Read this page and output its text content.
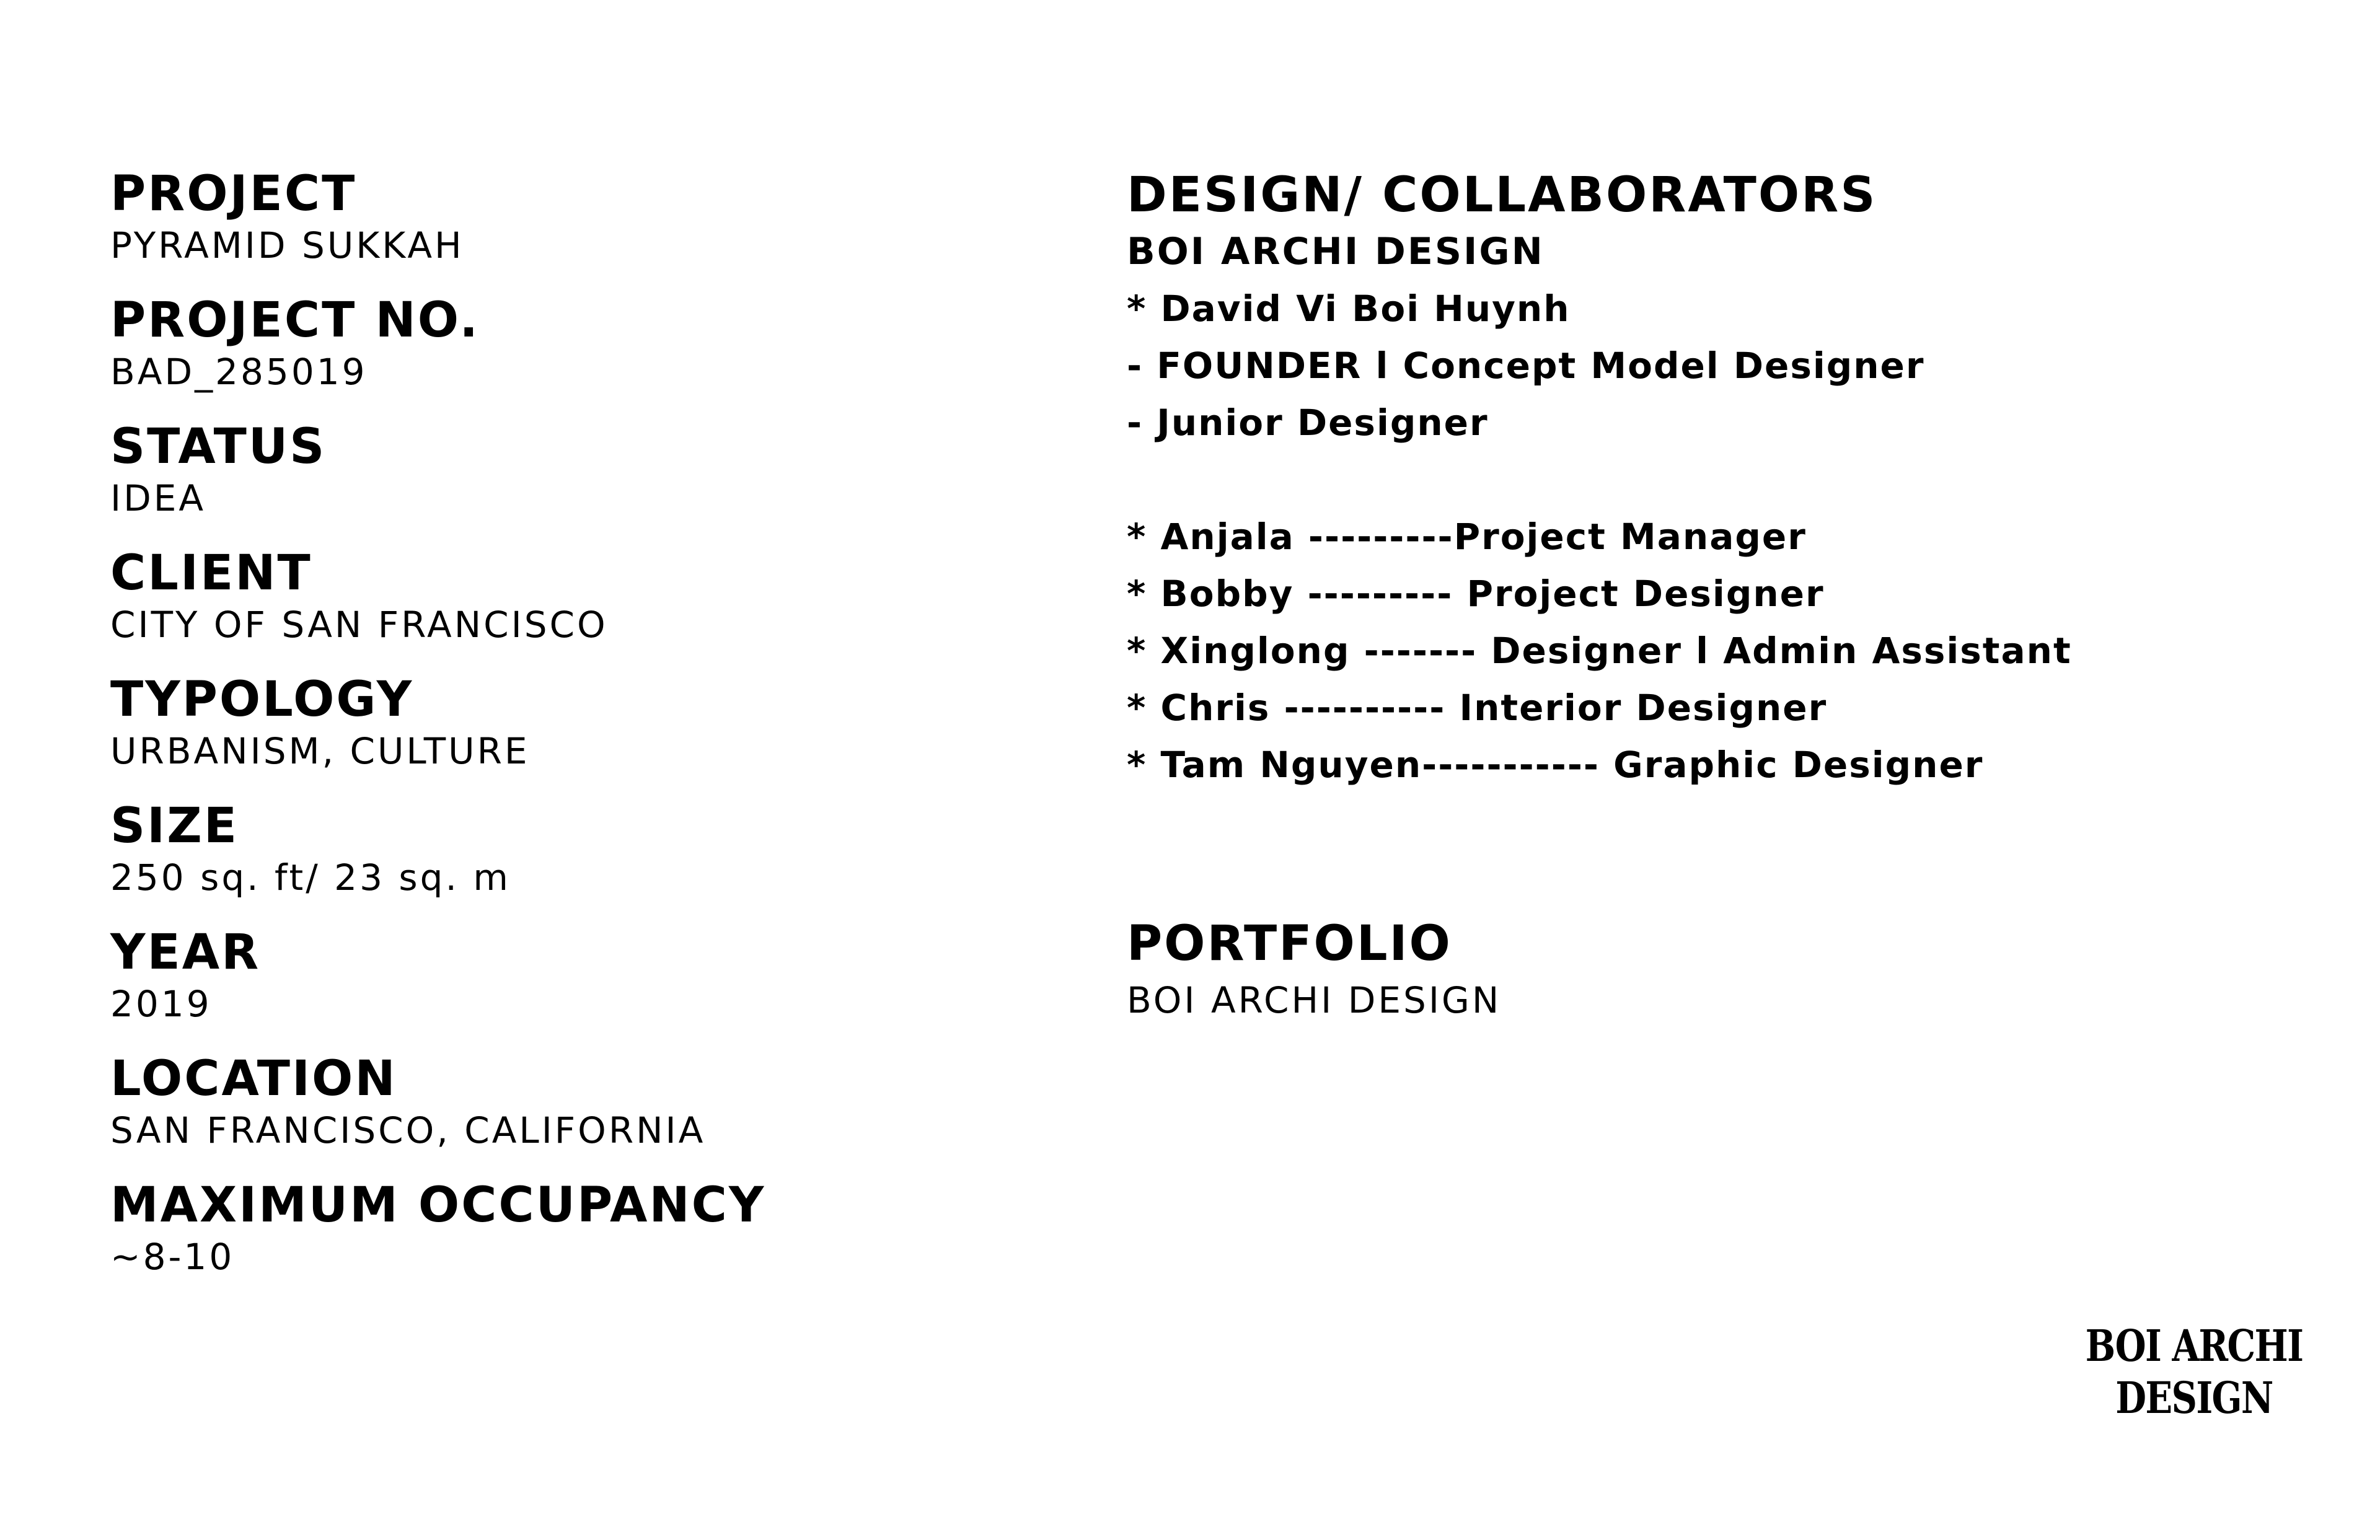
PROJECT
PYRAMID SUKKAH
PROJECT NO.
BAD_285019
STATUS
IDEA
CLIENT
CITY OF SAN FRANCISCO
TYPOLOGY
URBANISM, CULTURE
SIZE
250 sq. ft/ 23 sq. m
YEAR
2019
LOCATION
SAN FRANCISCO, CALIFORNIA
MAXIMUM OCCUPANCY
~8-10
DESIGN/ COLLABORATORS
BOI ARCHI DESIGN
* David Vi Boi Huynh
- FOUNDER l Concept Model Designer
- Junior Designer
* Anjala ---------Project Manager
* Bobby --------- Project Designer
* Xinglong ------- Designer l Admin Assistant
* Chris ---------- Interior Designer
* Tam Nguyen----------- Graphic Designer
PORTFOLIO
BOI ARCHI DESIGN
BOI ARCHI
DESIGN
